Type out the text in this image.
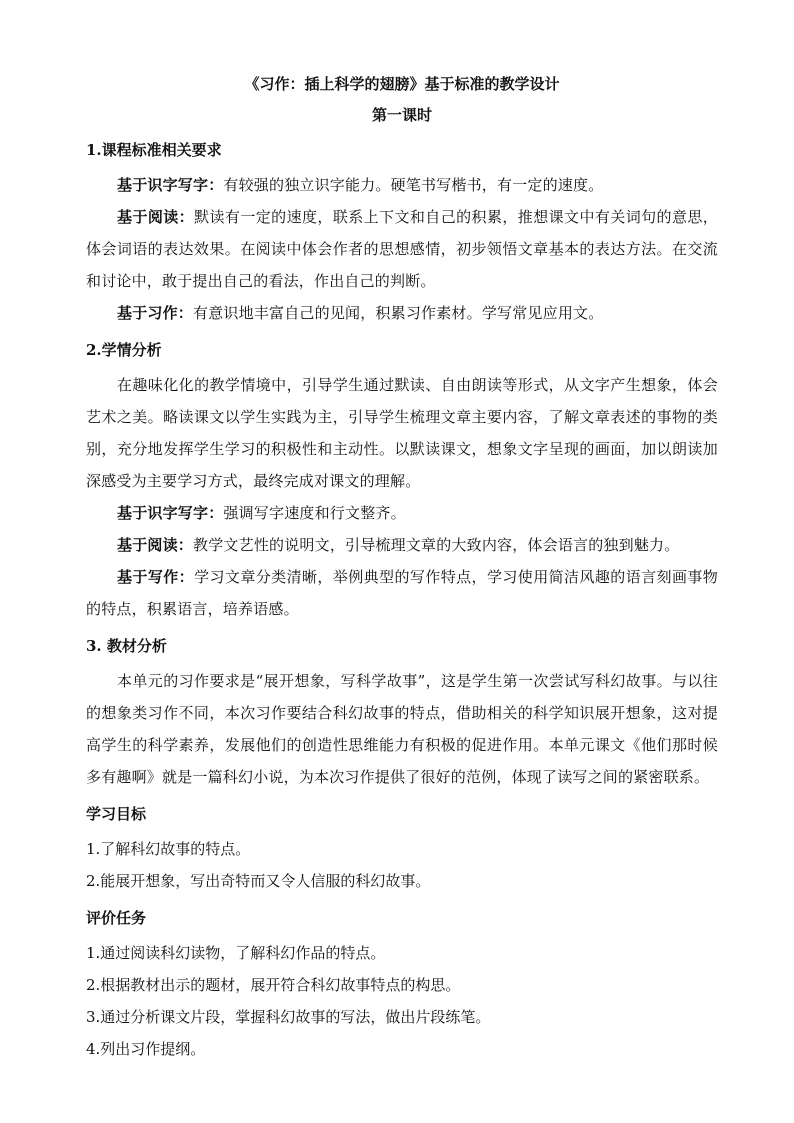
《习作：插上科学的翅膀》基于标准的教学设计

第一课时

1.课程标准相关要求

基于识字写字：有较强的独立识字能力。硬笔书写楷书，有一定的速度。

基于阅读：默读有一定的速度，联系上下文和自己的积累，推想课文中有关词句的意思，体会词语的表达效果。在阅读中体会作者的思想感情，初步领悟文章基本的表达方法。在交流和讨论中，敢于提出自己的看法，作出自己的判断。

基于习作：有意识地丰富自己的见闻，积累习作素材。学写常见应用文。

2.学情分析

在趣味化化的教学情境中，引导学生通过默读、自由朗读等形式，从文字产生想象，体会艺术之美。略读课文以学生实践为主，引导学生梳理文章主要内容，了解文章表述的事物的类别，充分地发挥学生学习的积极性和主动性。以默读课文，想象文字呈现的画面，加以朗读加深感受为主要学习方式，最终完成对课文的理解。

基于识字写字：强调写字速度和行文整齐。

基于阅读：教学文艺性的说明文，引导梳理文章的大致内容，体会语言的独到魅力。

基于写作：学习文章分类清晰，举例典型的写作特点，学习使用简洁风趣的语言刻画事物的特点，积累语言，培养语感。

3. 教材分析

本单元的习作要求是“展开想象，写科学故事”，这是学生第一次尝试写科幻故事。与以往的想象类习作不同，本次习作要结合科幻故事的特点，借助相关的科学知识展开想象，这对提高学生的科学素养，发展他们的创造性思维能力有积极的促进作用。本单元课文《他们那时候多有趣啊》就是一篇科幻小说，为本次习作提供了很好的范例，体现了读写之间的紧密联系。

学习目标

1.了解科幻故事的特点。

2.能展开想象，写出奇特而又令人信服的科幻故事。

评价任务

1.通过阅读科幻读物，了解科幻作品的特点。

2.根据教材出示的题材，展开符合科幻故事特点的构思。

3.通过分析课文片段，掌握科幻故事的写法，做出片段练笔。

4.列出习作提纲。
